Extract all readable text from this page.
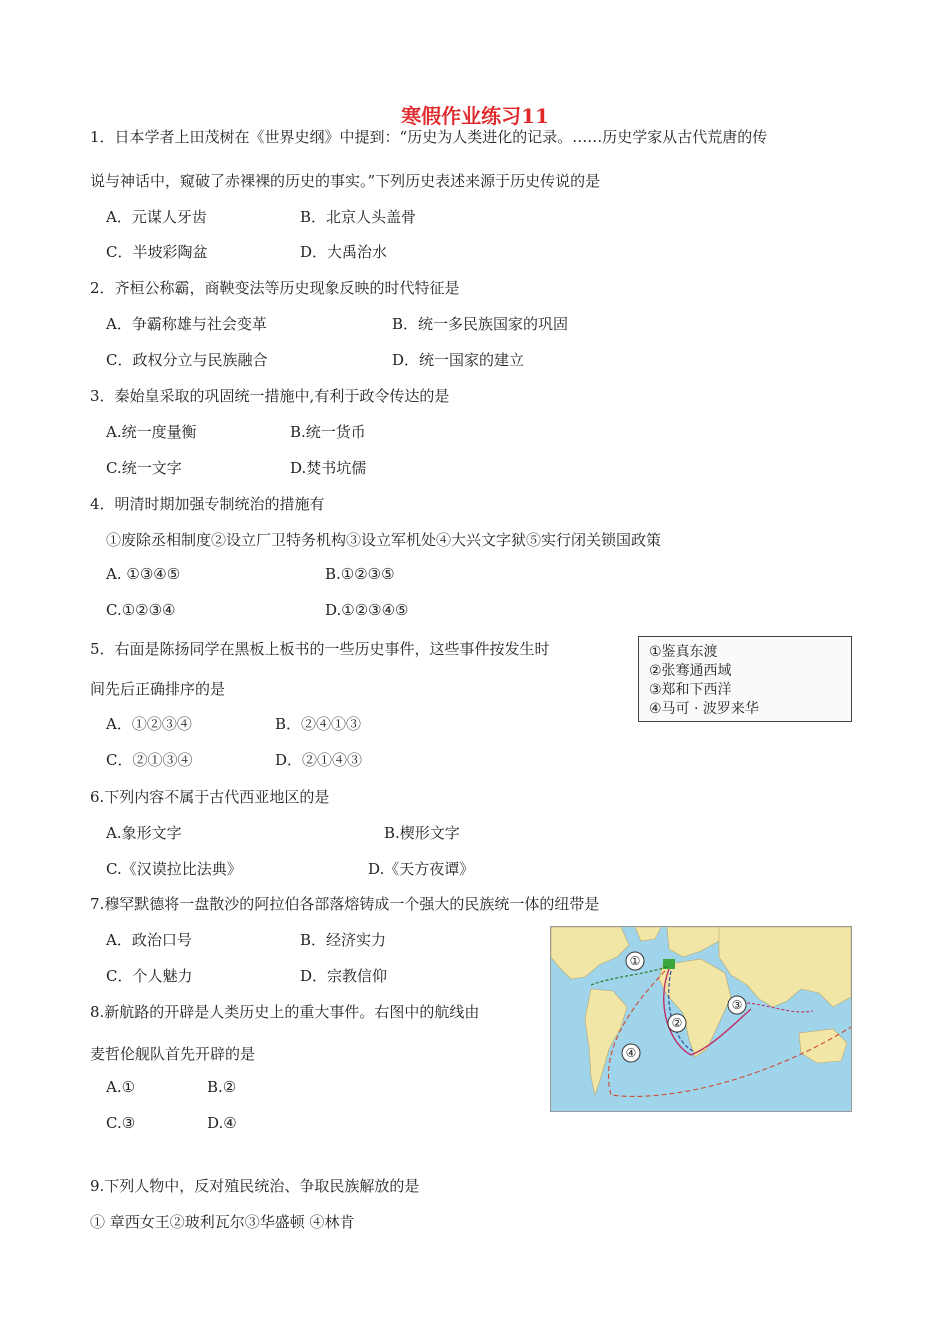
寒假作业练习11
1．日本学者上田茂树在《世界史纲》中提到：“历史为人类进化的记录。……历史学家从古代荒唐的传
说与神话中，窥破了赤裸裸的历史的事实。”下列历史表述来源于历史传说的是
A．元谋人牙齿	B．北京人头盖骨
C．半坡彩陶盆	D．大禹治水
2．齐桓公称霸，商鞅变法等历史现象反映的时代特征是
A．争霸称雄与社会变革	B．统一多民族国家的巩固
C．政权分立与民族融合	D．统一国家的建立
3．秦始皇采取的巩固统一措施中,有利于政令传达的是
A.统一度量衡	B.统一货币
C.统一文字	D.焚书坑儒
4．明清时期加强专制统治的措施有
①废除丞相制度②设立厂卫特务机构③设立军机处④大兴文字狱⑤实行闭关锁国政策
A. ①③④⑤	B.①②③⑤
C.①②③④	D.①②③④⑤
5．右面是陈扬同学在黑板上板书的一些历史事件，这些事件按发生时
间先后正确排序的是
A．①②③④	B．②④①③
C．②①③④	D．②①④③
①鉴真东渡
②张骞通西域
③郑和下西洋
④马可 · 波罗来华
6.下列内容不属于古代西亚地区的是
A.象形文字	B.楔形文字
C.《汉谟拉比法典》	D.《天方夜谭》
7.穆罕默德将一盘散沙的阿拉伯各部落熔铸成一个强大的民族统一体的纽带是
A．政治口号	B．经济实力
C．个人魅力	D．宗教信仰
8.新航路的开辟是人类历史上的重大事件。右图中的航线由
麦哲伦舰队首先开辟的是
A.①	B.②
C.③	D.④
①
②
③
④
9.下列人物中，反对殖民统治、争取民族解放的是
① 章西女王②玻利瓦尔③华盛顿 ④林肯
